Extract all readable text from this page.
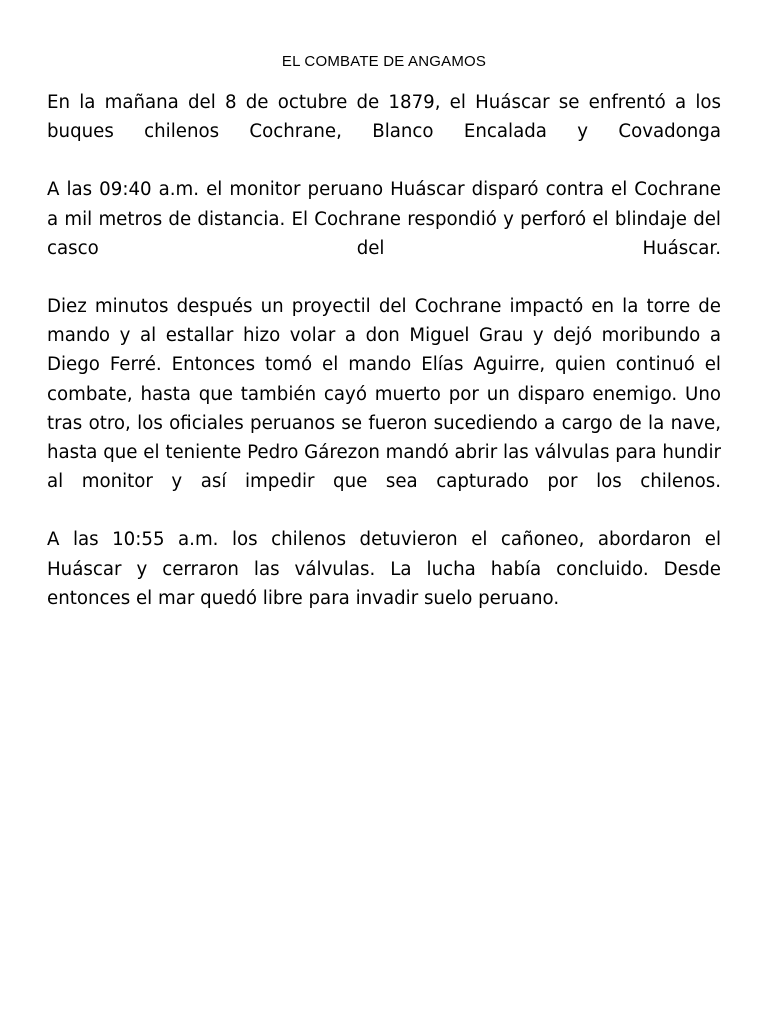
EL COMBATE DE ANGAMOS

En la mañana del 8 de octubre de 1879, el Huáscar se enfrentó a los buques chilenos Cochrane, Blanco Encalada y Covadonga

A las 09:40 a.m. el monitor peruano Huáscar disparó contra el Cochrane a mil metros de distancia. El Cochrane respondió y perforó el blindaje del casco del Huáscar.

Diez minutos después un proyectil del Cochrane impactó en la torre de mando y al estallar hizo volar a don Miguel Grau y dejó moribundo a Diego Ferré. Entonces tomó el mando Elías Aguirre, quien continuó el combate, hasta que también cayó muerto por un disparo enemigo. Uno tras otro, los oficiales peruanos se fueron sucediendo a cargo de la nave, hasta que el teniente Pedro Gárezon mandó abrir las válvulas para hundir al monitor y así impedir que sea capturado por los chilenos.

A las 10:55 a.m. los chilenos detuvieron el cañoneo, abordaron el Huáscar y cerraron las válvulas. La lucha había concluido. Desde entonces el mar quedó libre para invadir suelo peruano.
